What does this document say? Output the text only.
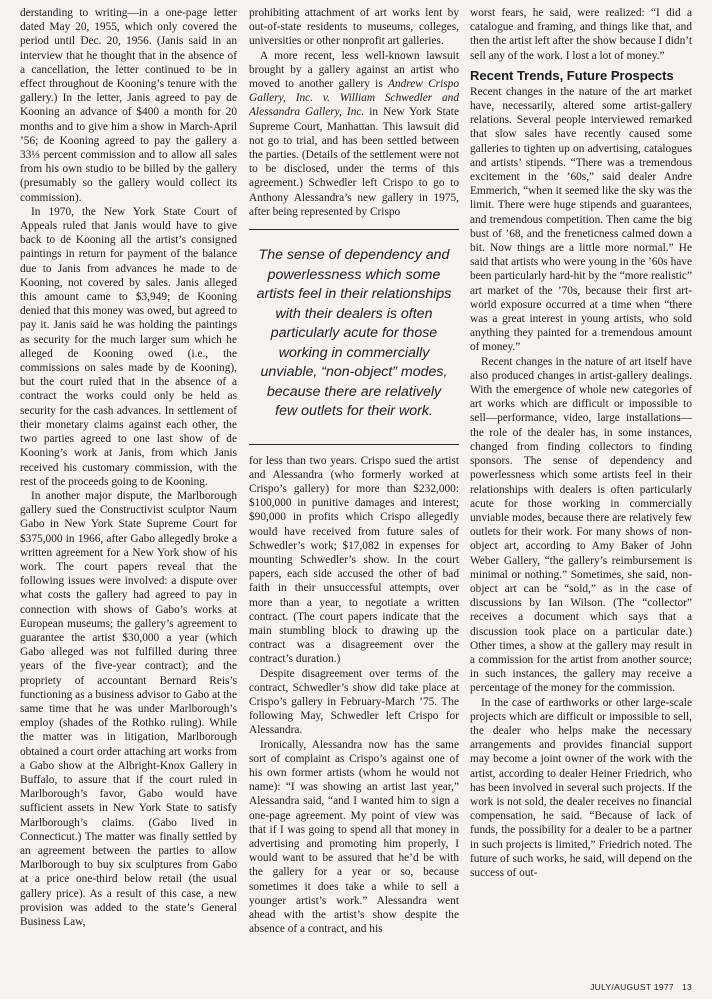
derstanding to writing—in a one-page letter dated May 20, 1955, which only covered the period until Dec. 20, 1956. (Janis said in an interview that he thought that in the absence of a cancellation, the letter continued to be in effect throughout de Kooning’s tenure with the gallery.) In the letter, Janis agreed to pay de Kooning an advance of $400 a month for 20 months and to give him a show in March-April ’56; de Kooning agreed to pay the gallery a 33⅓ percent commission and to allow all sales from his own studio to be billed by the gallery (presumably so the gallery would collect its commission).

In 1970, the New York State Court of Appeals ruled that Janis would have to give back to de Kooning all the artist’s consigned paintings in return for payment of the balance due to Janis from advances he made to de Kooning, not covered by sales. Janis alleged this amount came to $3,949; de Kooning denied that this money was owed, but agreed to pay it. Janis said he was holding the paintings as security for the much larger sum which he alleged de Kooning owed (i.e., the commissions on sales made by de Kooning), but the court ruled that in the absence of a contract the works could only be held as security for the cash advances. In settlement of their monetary claims against each other, the two parties agreed to one last show of de Kooning’s work at Janis, from which Janis received his customary commission, with the rest of the proceeds going to de Kooning.

In another major dispute, the Marlborough gallery sued the Constructivist sculptor Naum Gabo in New York State Supreme Court for $375,000 in 1966, after Gabo allegedly broke a written agreement for a New York show of his work. The court papers reveal that the following issues were involved: a dispute over what costs the gallery had agreed to pay in connection with shows of Gabo’s works at European museums; the gallery’s agreement to guarantee the artist $30,000 a year (which Gabo alleged was not fulfilled during three years of the five-year contract); and the propriety of accountant Bernard Reis’s functioning as a business advisor to Gabo at the same time that he was under Marlborough’s employ (shades of the Rothko ruling). While the matter was in litigation, Marlborough obtained a court order attaching art works from a Gabo show at the Albright-Knox Gallery in Buffalo, to assure that if the court ruled in Marlborough’s favor, Gabo would have sufficient assets in New York State to satisfy Marlborough’s claims. (Gabo lived in Connecticut.) The matter was finally settled by an agreement between the parties to allow Marlborough to buy six sculptures from Gabo at a price one-third below retail (the usual gallery price). As a result of this case, a new provision was added to the state’s General Business Law,

prohibiting attachment of art works lent by out-of-state residents to museums, colleges, universities or other nonprofit art galleries.

A more recent, less well-known lawsuit brought by a gallery against an artist who moved to another gallery is Andrew Crispo Gallery, Inc. v. William Schwedler and Alessandra Gallery, Inc. in New York State Supreme Court, Manhattan. This lawsuit did not go to trial, and has been settled between the parties. (Details of the settlement were not to be disclosed, under the terms of this agreement.) Schwedler left Crispo to go to Anthony Alessandra’s new gallery in 1975, after being represented by Crispo

The sense of dependency and powerlessness which some artists feel in their relationships with their dealers is often particularly acute for those working in commercially unviable, “non-object” modes, because there are relatively few outlets for their work.

for less than two years. Crispo sued the artist and Alessandra (who formerly worked at Crispo’s gallery) for more than $232,000: $100,000 in punitive damages and interest; $90,000 in profits which Crispo allegedly would have received from future sales of Schwedler’s work; $17,082 in expenses for mounting Schwedler’s show. In the court papers, each side accused the other of bad faith in their unsuccessful attempts, over more than a year, to negotiate a written contract. (The court papers indicate that the main stumbling block to drawing up the contract was a disagreement over the contract’s duration.)

Despite disagreement over terms of the contract, Schwedler’s show did take place at Crispo’s gallery in February-March ’75. The following May, Schwedler left Crispo for Alessandra.

Ironically, Alessandra now has the same sort of complaint as Crispo’s against one of his own former artists (whom he would not name): “I was showing an artist last year,” Alessandra said, “and I wanted him to sign a one-page agreement. My point of view was that if I was going to spend all that money in advertising and promoting him properly, I would want to be assured that he’d be with the gallery for a year or so, because sometimes it does take a while to sell a younger artist’s work.” Alessandra went ahead with the artist’s show despite the absence of a contract, and his

worst fears, he said, were realized: “I did a catalogue and framing, and things like that, and then the artist left after the show because I didn’t sell any of the work. I lost a lot of money.”

Recent Trends, Future Prospects

Recent changes in the nature of the art market have, necessarily, altered some artist-gallery relations. Several people interviewed remarked that slow sales have recently caused some galleries to tighten up on advertising, catalogues and artists’ stipends. “There was a tremendous excitement in the ’60s,” said dealer Andre Emmerich, “when it seemed like the sky was the limit. There were huge stipends and guarantees, and tremendous competition. Then came the big bust of ’68, and the freneticness calmed down a bit. Now things are a little more normal.” He said that artists who were young in the ’60s have been particularly hard-hit by the “more realistic” art market of the ’70s, because their first art-world exposure occurred at a time when “there was a great interest in young artists, who sold anything they painted for a tremendous amount of money.”

Recent changes in the nature of art itself have also produced changes in artist-gallery dealings. With the emergence of whole new categories of art works which are difficult or impossible to sell—performance, video, large installations—the role of the dealer has, in some instances, changed from finding collectors to finding sponsors. The sense of dependency and powerlessness which some artists feel in their relationships with dealers is often particularly acute for those working in commercially unviable modes, because there are relatively few outlets for their work. For many shows of non-object art, according to Amy Baker of John Weber Gallery, “the gallery’s reimbursement is minimal or nothing.” Sometimes, she said, non-object art can be “sold,” as in the case of discussions by Ian Wilson. (The “collector” receives a document which says that a discussion took place on a particular date.) Other times, a show at the gallery may result in a commission for the artist from another source; in such instances, the gallery may receive a percentage of the money for the commission.

In the case of earthworks or other large-scale projects which are difficult or impossible to sell, the dealer who helps make the necessary arrangements and provides financial support may become a joint owner of the work with the artist, according to dealer Heiner Friedrich, who has been involved in several such projects. If the work is not sold, the dealer receives no financial compensation, he said. “Because of lack of funds, the possibility for a dealer to be a partner in such projects is limited,” Friedrich noted. The future of such works, he said, will depend on the success of out-

JULY/AUGUST 1977 13
